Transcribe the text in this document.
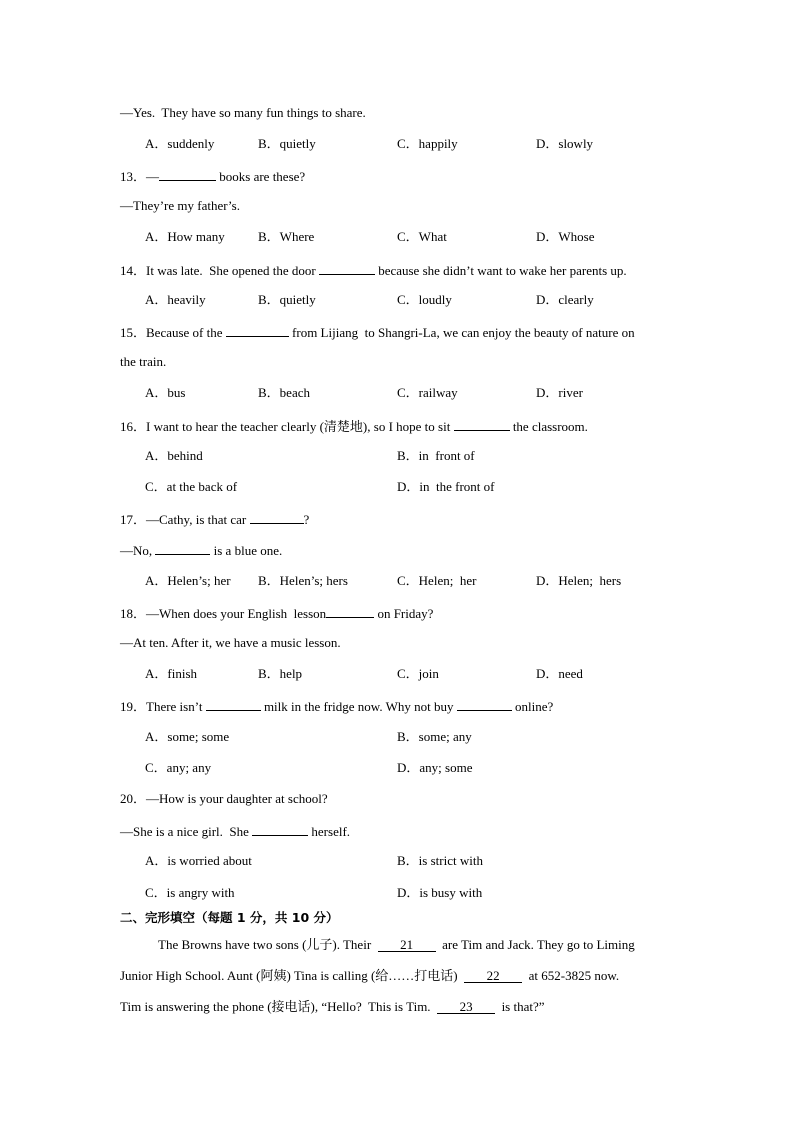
—Yes.  They have so many fun things to share.
A．suddenly	B．quietly	C．happily	D．slowly
13．—	books are these?
—They’re my father’s.
A．How many	B．Where	C．What	D．Whose
14．It was late.  She opened the door	because she didn’t want to wake her parents up.
A．heavily	B．quietly	C．loudly	D．clearly
15．Because of the	from Lijiang  to Shangri-La, we can enjoy the beauty of nature on
the train.
A．bus	B．beach	C．railway	D．river
16．I want to hear the teacher clearly (清楚地), so I hope to sit	the classroom.
A．behind	B．in  front of
C．at the back of	D．in  the front of
17．—Cathy, is that car	?
—No,	is a blue one.
A．Helen’s; her B．Helen’s; hers	C．Helen;  her	D．Helen;  hers
18．—When does your English  lesson	on Friday?
—At ten. After it, we have a music lesson.
A．finish	B．help	C．join	D．need
19．There isn’t	milk in the fridge now. Why not buy	online?
A．some; some	B．some; any
C．any; any	D．any; some
20．—How is your daughter at school?
—She is a nice girl.  She	herself.
A．is worried about	B．is strict with
C．is angry with	D．is busy with
二、完形填空（每题 1 分，共 10 分）
The Browns have two sons (儿子). Their  21  are Tim and Jack. They go to Liming
Junior High School. Aunt (阿姨) Tina is calling (给……打电话)  22  at 652-3825 now.
Tim is answering the phone (接电话), “Hello?  This is Tim.  23  is that?”
